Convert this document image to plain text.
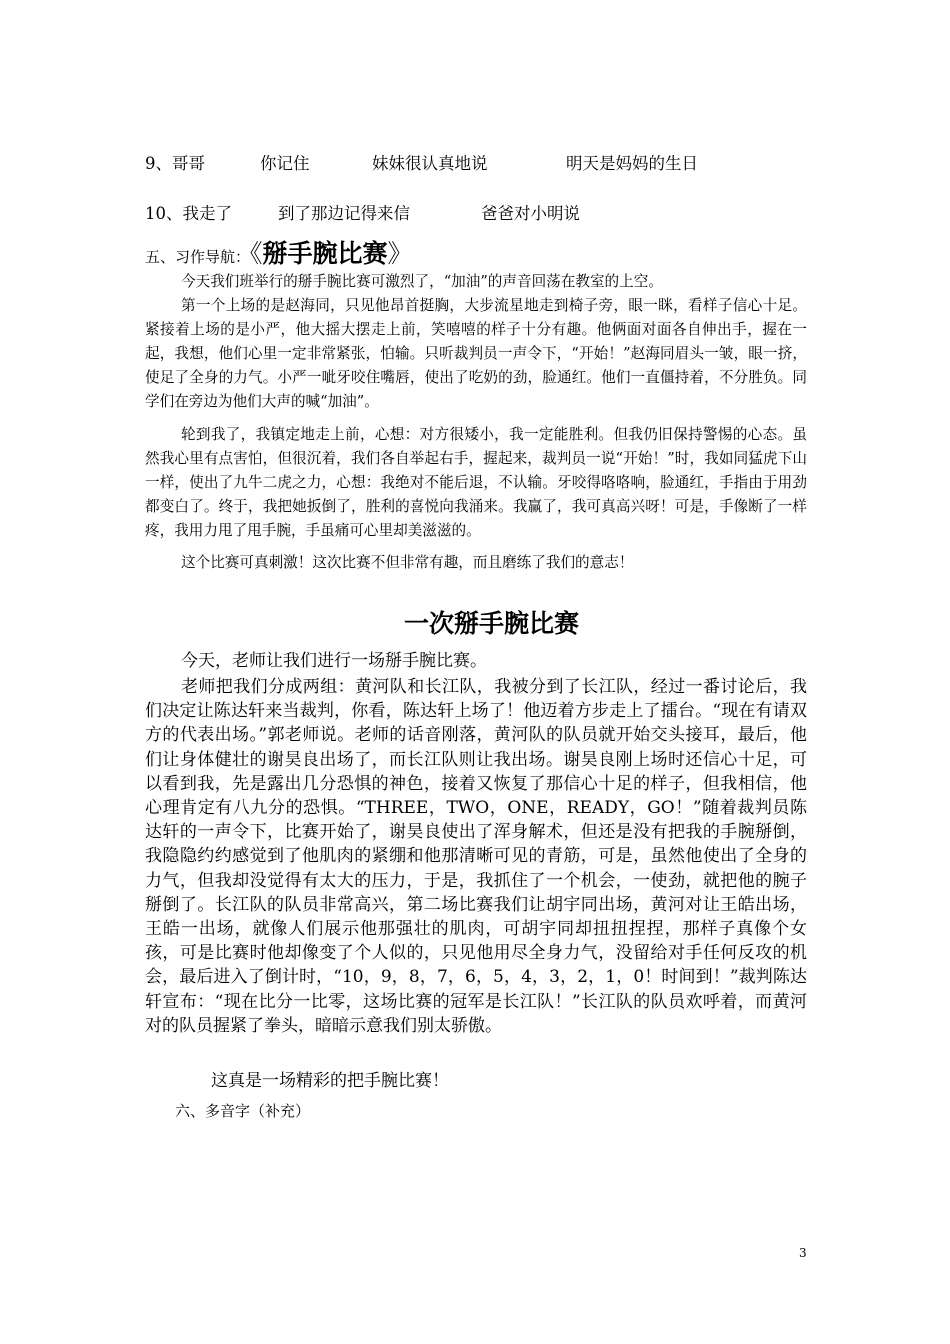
9、哥哥	你记住	妹妹很认真地说	明天是妈妈的生日
10、我走了	到了那边记得来信	爸爸对小明说
五、习作导航：《掰手腕比赛》

今天我们班举行的掰手腕比赛可激烈了，“加油”的声音回荡在教室的上空。

第一个上场的是赵海同，只见他昂首挺胸，大步流星地走到椅子旁，眼一眯，看样子信心十足。紧接着上场的是小严，他大摇大摆走上前，笑嘻嘻的样子十分有趣。他俩面对面各自伸出手，握在一起，我想，他们心里一定非常紧张，怕输。只听裁判员一声令下，“开始！”赵海同眉头一皱，眼一挤，使足了全身的力气。小严一呲牙咬住嘴唇，使出了吃奶的劲，脸通红。他们一直僵持着，不分胜负。同学们在旁边为他们大声的喊“加油”。

轮到我了，我镇定地走上前，心想：对方很矮小，我一定能胜利。但我仍旧保持警惕的心态。虽然我心里有点害怕，但很沉着，我们各自举起右手，握起来，裁判员一说“开始！”时，我如同猛虎下山一样，使出了九牛二虎之力，心想：我绝对不能后退，不认输。牙咬得咯咯响，脸通红，手指由于用劲都变白了。终于，我把她扳倒了，胜利的喜悦向我涌来。我赢了，我可真高兴呀！可是，手像断了一样疼，我用力甩了甩手腕，手虽痛可心里却美滋滋的。

这个比赛可真刺激！这次比赛不但非常有趣，而且磨练了我们的意志！

一次掰手腕比赛

今天，老师让我们进行一场掰手腕比赛。

老师把我们分成两组：黄河队和长江队，我被分到了长江队，经过一番讨论后，我们决定让陈达轩来当裁判，你看，陈达轩上场了！他迈着方步走上了擂台。“现在有请双方的代表出场。”郭老师说。老师的话音刚落，黄河队的队员就开始交头接耳，最后，他们让身体健壮的谢昊良出场了，而长江队则让我出场。谢昊良刚上场时还信心十足，可以看到我，先是露出几分恐惧的神色，接着又恢复了那信心十足的样子，但我相信，他心理肯定有八九分的恐惧。“THREE，TWO，ONE，READY，GO！”随着裁判员陈达轩的一声令下，比赛开始了，谢昊良使出了浑身解术，但还是没有把我的手腕掰倒，我隐隐约约感觉到了他肌肉的紧绷和他那清晰可见的青筋，可是，虽然他使出了全身的力气，但我却没觉得有太大的压力，于是，我抓住了一个机会，一使劲，就把他的腕子掰倒了。长江队的队员非常高兴，第二场比赛我们让胡宇同出场，黄河对让王皓出场，王皓一出场，就像人们展示他那强壮的肌肉，可胡宇同却扭扭捏捏，那样子真像个女孩，可是比赛时他却像变了个人似的，只见他用尽全身力气，没留给对手任何反攻的机会，最后进入了倒计时，“10，9，8，7，6，5，4，3，2，1，0！时间到！”裁判陈达轩宣布：“现在比分一比零，这场比赛的冠军是长江队！”长江队的队员欢呼着，而黄河对的队员握紧了拳头，暗暗示意我们别太骄傲。

这真是一场精彩的把手腕比赛！

六、多音字（补充）
3
